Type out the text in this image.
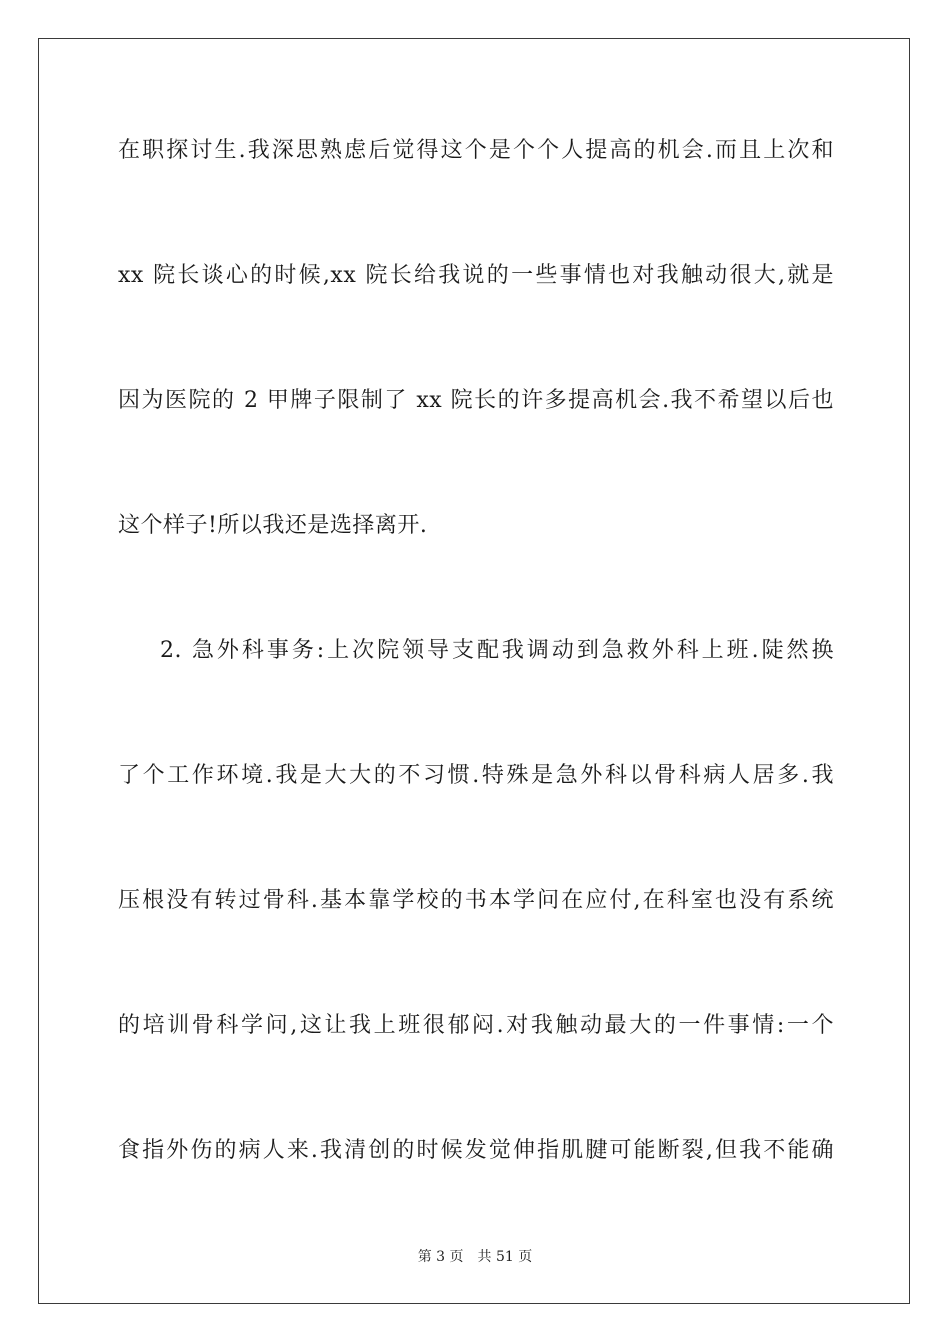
在职探讨生.我深思熟虑后觉得这个是个个人提高的机会.而且上次和
xx 院长谈心的时候,xx 院长给我说的一些事情也对我触动很大,就是
因为医院的 2 甲牌子限制了 xx 院长的许多提高机会.我不希望以后也
这个样子!所以我还是选择离开.
2. 急外科事务:上次院领导支配我调动到急救外科上班.陡然换
了个工作环境.我是大大的不习惯.特殊是急外科以骨科病人居多.我
压根没有转过骨科.基本靠学校的书本学问在应付,在科室也没有系统
的培训骨科学问,这让我上班很郁闷.对我触动最大的一件事情:一个
食指外伤的病人来.我清创的时候发觉伸指肌腱可能断裂,但我不能确
第 3 页 共 51 页
